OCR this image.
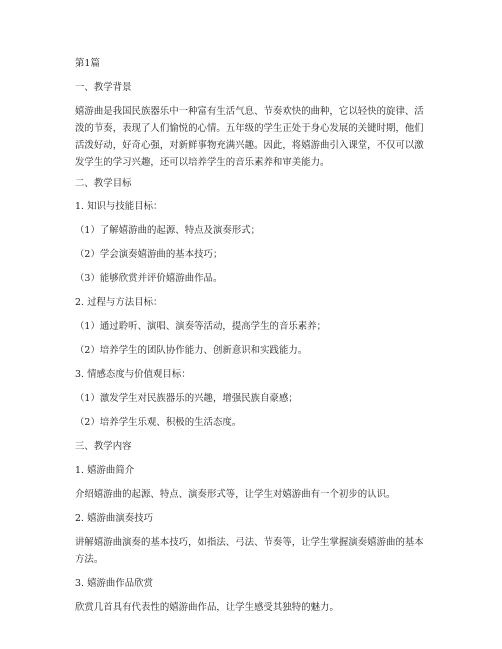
第1篇
一、教学背景
嬉游曲是我国民族器乐中一种富有生活气息、节奏欢快的曲种，它以轻快的旋律、活泼的节奏，表现了人们愉悦的心情。五年级的学生正处于身心发展的关键时期，他们活泼好动，好奇心强，对新鲜事物充满兴趣。因此，将嬉游曲引入课堂，不仅可以激发学生的学习兴趣，还可以培养学生的音乐素养和审美能力。
二、教学目标
1. 知识与技能目标：
（1）了解嬉游曲的起源、特点及演奏形式；
（2）学会演奏嬉游曲的基本技巧；
（3）能够欣赏并评价嬉游曲作品。
2. 过程与方法目标：
（1）通过聆听、演唱、演奏等活动，提高学生的音乐素养；
（2）培养学生的团队协作能力、创新意识和实践能力。
3. 情感态度与价值观目标：
（1）激发学生对民族器乐的兴趣，增强民族自豪感；
（2）培养学生乐观、积极的生活态度。
三、教学内容
1. 嬉游曲简介
介绍嬉游曲的起源、特点、演奏形式等，让学生对嬉游曲有一个初步的认识。
2. 嬉游曲演奏技巧
讲解嬉游曲演奏的基本技巧，如指法、弓法、节奏等，让学生掌握演奏嬉游曲的基本方法。
3. 嬉游曲作品欣赏
欣赏几首具有代表性的嬉游曲作品，让学生感受其独特的魅力。
